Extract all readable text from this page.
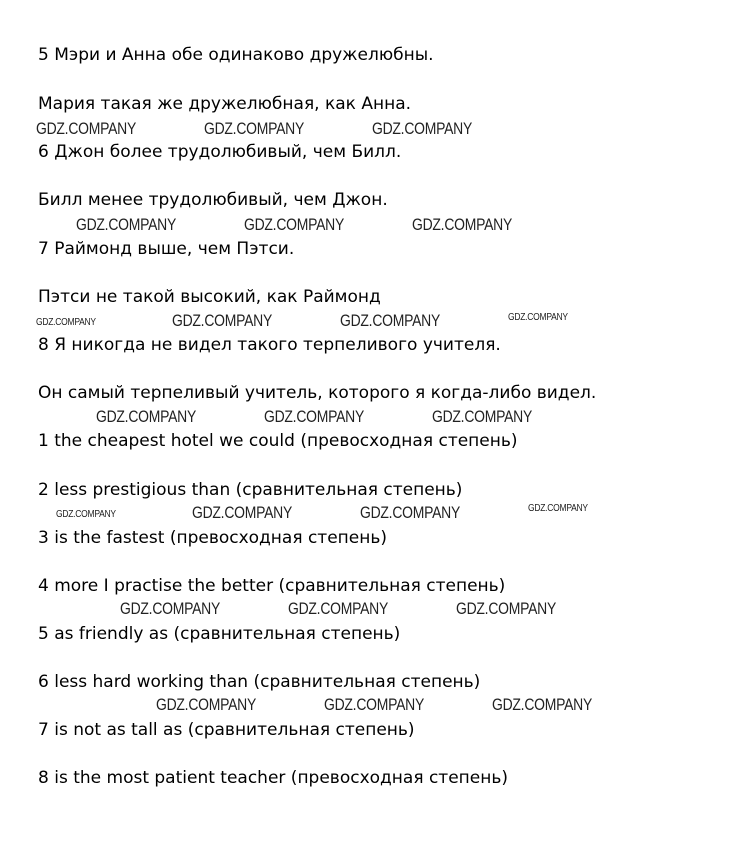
5 Мэри и Анна обе одинаково дружелюбны.
Мария такая же дружелюбная, как Анна.
6 Джон более трудолюбивый, чем Билл.
Билл менее трудолюбивый, чем Джон.
7 Раймонд выше, чем Пэтси.
Пэтси не такой высокий, как Раймонд
8 Я никогда не видел такого терпеливого учителя.
Он самый терпеливый учитель, которого я когда-либо видел.
1 the cheapest hotel we could (превосходная степень)
2 less prestigious than (сравнительная степень)
3 is the fastest (превосходная степень)
4 more I practise the better (сравнительная степень)
5 as friendly as (сравнительная степень)
6 less hard working than (сравнительная степень)
7 is not as tall as (сравнительная степень)
8 is the most patient teacher (превосходная степень)
GDZ.COMPANY	GDZ.COMPANY	GDZ.COMPANY
GDZ.COMPANY	GDZ.COMPANY	GDZ.COMPANY
GDZ.COMPANY	GDZ.COMPANY	GDZ.COMPANY	GDZ.COMPANY
GDZ.COMPANY	GDZ.COMPANY	GDZ.COMPANY
GDZ.COMPANY	GDZ.COMPANY	GDZ.COMPANY	GDZ.COMPANY
GDZ.COMPANY	GDZ.COMPANY	GDZ.COMPANY
GDZ.COMPANY	GDZ.COMPANY	GDZ.COMPANY
